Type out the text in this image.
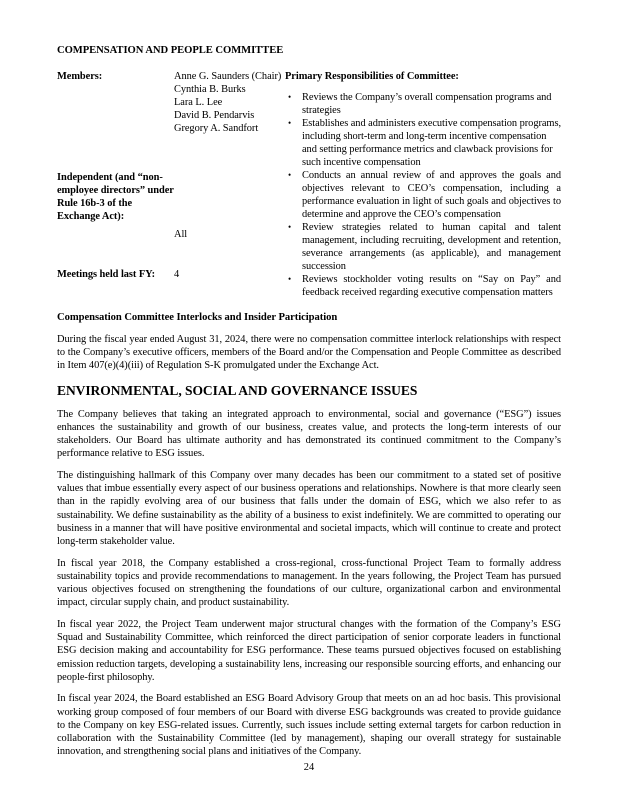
COMPENSATION AND PEOPLE COMMITTEE
Members:	Anne G. Saunders (Chair)
Cynthia B. Burks
Lara L. Lee
David B. Pendarvis
Gregory A. Sandfort
Independent (and “non-employee directors” under Rule 16b-3 of the Exchange Act):
All
Meetings held last FY:	4
Primary Responsibilities of Committee:
• Reviews the Company’s overall compensation programs and strategies
• Establishes and administers executive compensation programs, including short-term and long-term incentive compensation and setting performance metrics and clawback provisions for such incentive compensation
• Conducts an annual review of and approves the goals and objectives relevant to CEO’s compensation, including a performance evaluation in light of such goals and objectives to determine and approve the CEO’s compensation
• Review strategies related to human capital and talent management, including recruiting, development and retention, severance arrangements (as applicable), and management succession
• Reviews stockholder voting results on “Say on Pay” and feedback received regarding executive compensation matters
Compensation Committee Interlocks and Insider Participation

During the fiscal year ended August 31, 2024, there were no compensation committee interlock relationships with respect to the Company’s executive officers, members of the Board and/or the Compensation and People Committee as described in Item 407(e)(4)(iii) of Regulation S-K promulgated under the Exchange Act.

ENVIRONMENTAL, SOCIAL AND GOVERNANCE ISSUES

The Company believes that taking an integrated approach to environmental, social and governance (“ESG”) issues enhances the sustainability and growth of our business, creates value, and protects the long-term interests of our stakeholders. Our Board has ultimate authority and has demonstrated its continued commitment to the Company’s performance relative to ESG issues.

The distinguishing hallmark of this Company over many decades has been our commitment to a stated set of positive values that imbue essentially every aspect of our business operations and relationships. Nowhere is that more clearly seen than in the rapidly evolving area of our business that falls under the domain of ESG, which we also refer to as sustainability. We define sustainability as the ability of a business to exist indefinitely. We are committed to operating our business in a manner that will have positive environmental and societal impacts, which will continue to create and protect long-term stakeholder value.

In fiscal year 2018, the Company established a cross-regional, cross-functional Project Team to formally address sustainability topics and provide recommendations to management. In the years following, the Project Team has pursued various objectives focused on strengthening the foundations of our culture, organizational carbon and environmental impact, circular supply chain, and product sustainability.

In fiscal year 2022, the Project Team underwent major structural changes with the formation of the Company’s ESG Squad and Sustainability Committee, which reinforced the direct participation of senior corporate leaders in functional ESG decision making and accountability for ESG performance. These teams pursued objectives focused on establishing emission reduction targets, developing a sustainability lens, increasing our responsible sourcing efforts, and enhancing our people-first philosophy.

In fiscal year 2024, the Board established an ESG Board Advisory Group that meets on an ad hoc basis. This provisional working group composed of four members of our Board with diverse ESG backgrounds was created to provide guidance to the Company on key ESG-related issues. Currently, such issues include setting external targets for carbon reduction in collaboration with the Sustainability Committee (led by management), shaping our overall strategy for sustainable innovation, and strengthening social plans and initiatives of the Company.

24
